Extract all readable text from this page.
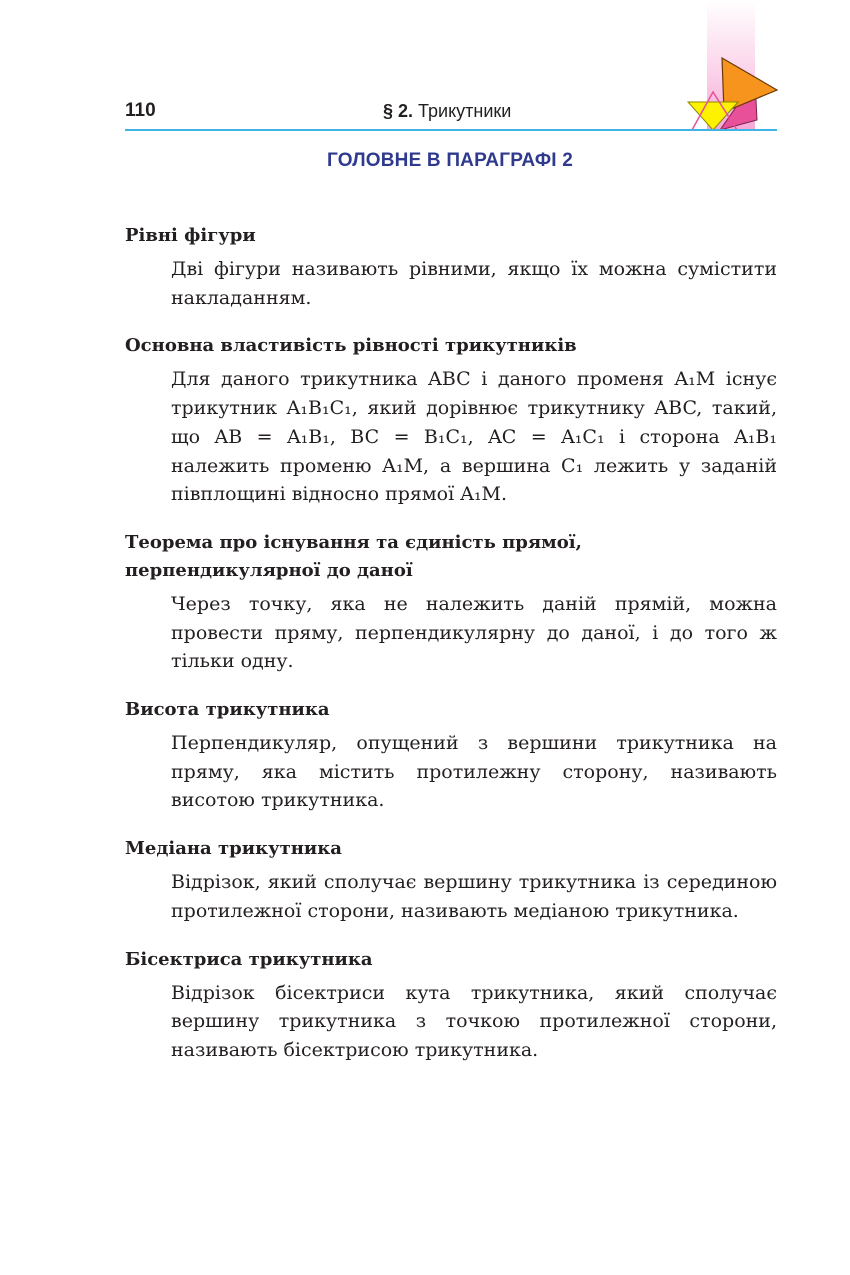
110	§ 2. Трикутники
ГОЛОВНЕ В ПАРАГРАФІ 2

Рівні фігури

Дві фігури називають рівними, якщо їх можна сумістити накладанням.

Основна властивість рівності трикутників

Для даного трикутника ABC і даного променя A₁M існує трикутник A₁B₁C₁, який дорівнює трикутнику ABC, такий, що AB = A₁B₁, BC = B₁C₁, AC = A₁C₁ і сторона A₁B₁ належить променю A₁M, а вершина C₁ лежить у заданій півплощині відносно прямої A₁M.

Теорема про існування та єдиність прямої, перпендикулярної до даної

Через точку, яка не належить даній прямій, можна провести пряму, перпендикулярну до даної, і до того ж тільки одну.

Висота трикутника

Перпендикуляр, опущений з вершини трикутника на пряму, яка містить протилежну сторону, називають висотою трикутника.

Медіана трикутника

Відрізок, який сполучає вершину трикутника із серединою протилежної сторони, називають медіаною трикутника.

Бісектриса трикутника

Відрізок бісектриси кута трикутника, який сполучає вершину трикутника з точкою протилежної сторони, називають бісектрисою трикутника.
